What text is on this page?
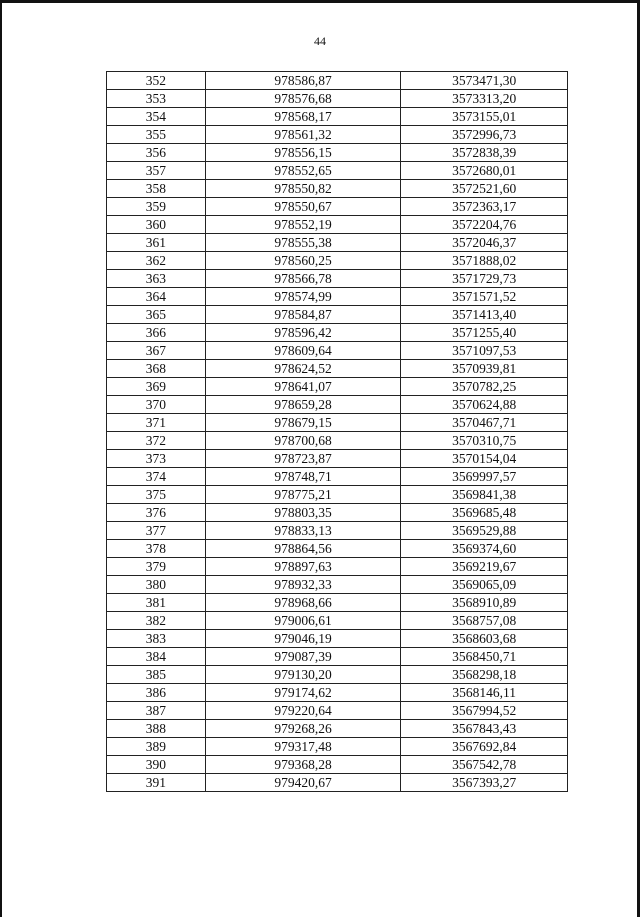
44
352	978586,87	3573471,30
353	978576,68	3573313,20
354	978568,17	3573155,01
355	978561,32	3572996,73
356	978556,15	3572838,39
357	978552,65	3572680,01
358	978550,82	3572521,60
359	978550,67	3572363,17
360	978552,19	3572204,76
361	978555,38	3572046,37
362	978560,25	3571888,02
363	978566,78	3571729,73
364	978574,99	3571571,52
365	978584,87	3571413,40
366	978596,42	3571255,40
367	978609,64	3571097,53
368	978624,52	3570939,81
369	978641,07	3570782,25
370	978659,28	3570624,88
371	978679,15	3570467,71
372	978700,68	3570310,75
373	978723,87	3570154,04
374	978748,71	3569997,57
375	978775,21	3569841,38
376	978803,35	3569685,48
377	978833,13	3569529,88
378	978864,56	3569374,60
379	978897,63	3569219,67
380	978932,33	3569065,09
381	978968,66	3568910,89
382	979006,61	3568757,08
383	979046,19	3568603,68
384	979087,39	3568450,71
385	979130,20	3568298,18
386	979174,62	3568146,11
387	979220,64	3567994,52
388	979268,26	3567843,43
389	979317,48	3567692,84
390	979368,28	3567542,78
391	979420,67	3567393,27
